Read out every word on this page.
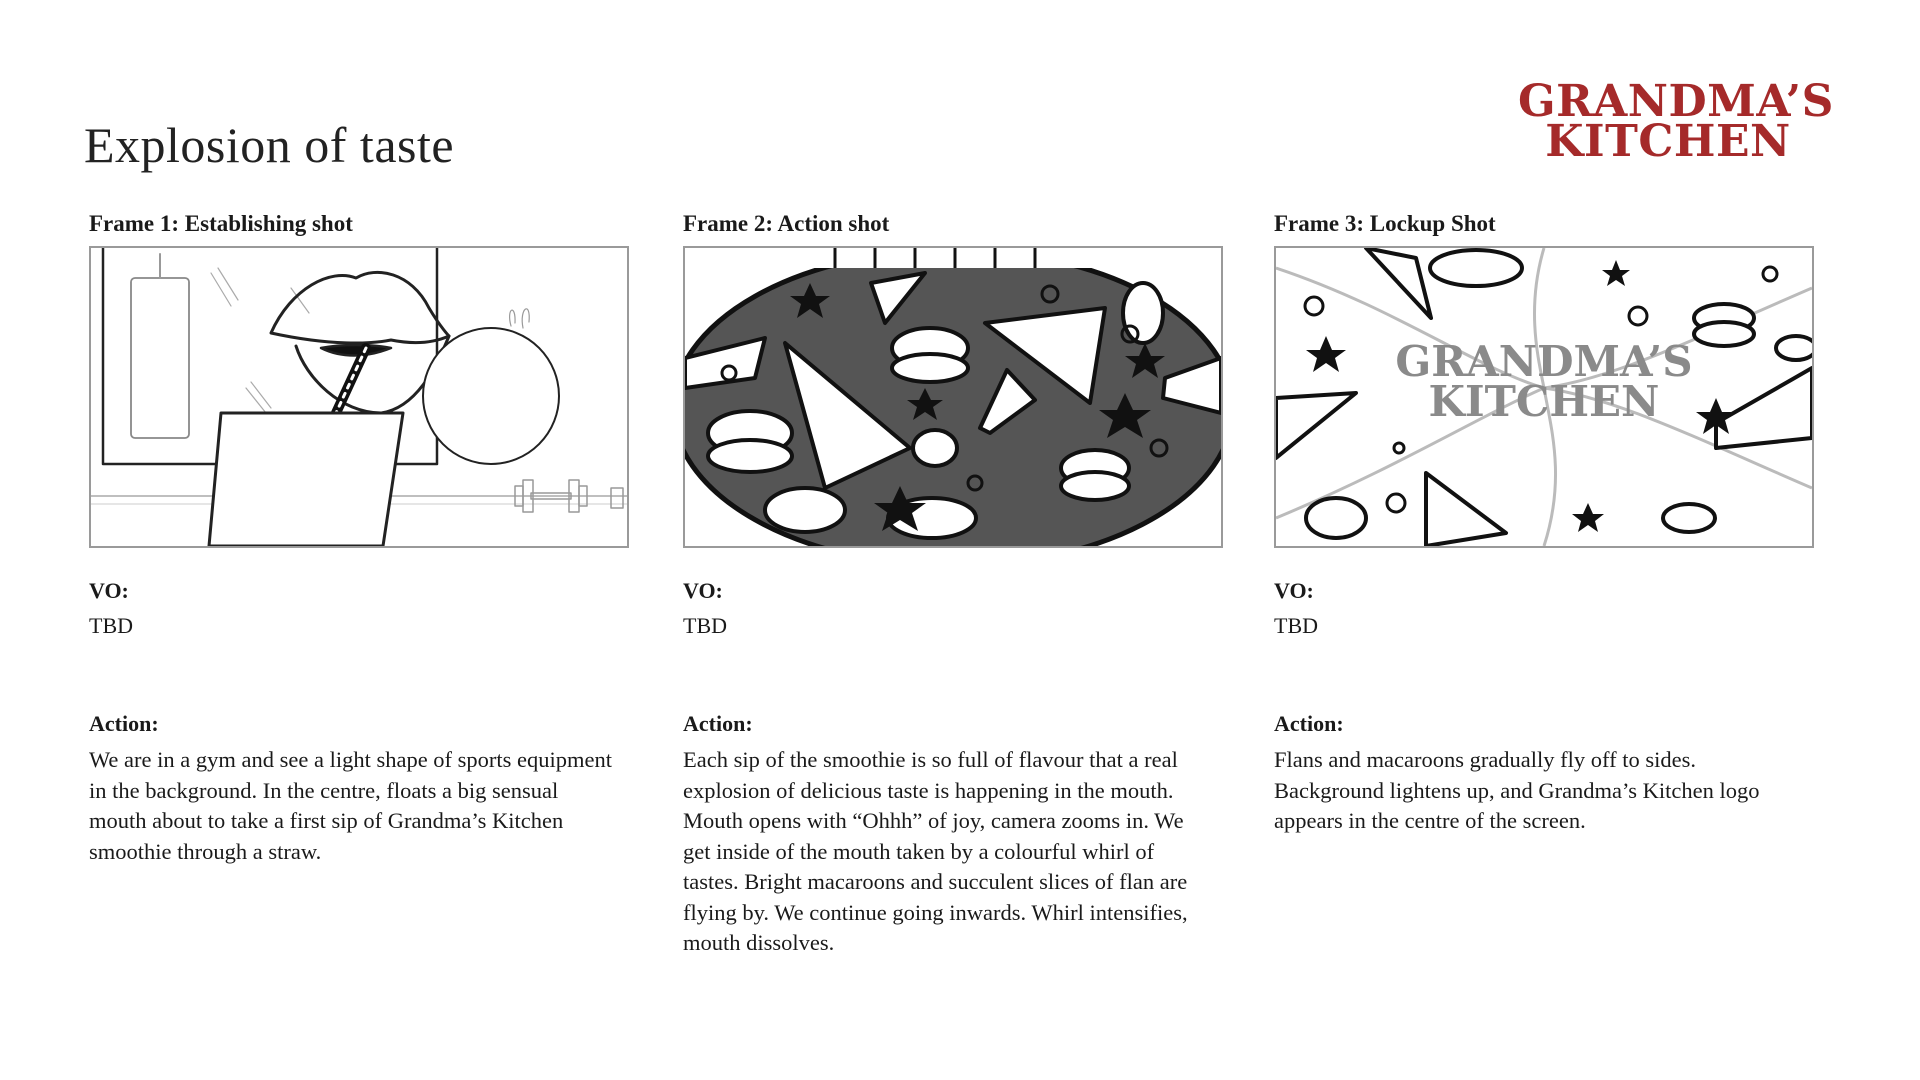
Explosion of taste
GRANDMA’S
KITCHEN
Frame 1: Establishing shot

VO:

TBD

Action:

We are in a gym and see a light shape of sports equipment in the background. In the centre, floats a big sensual mouth about to take a first sip of Grandma’s Kitchen smoothie through a straw.

Frame 2: Action shot

VO:

TBD

Action:

Each sip of the smoothie is so full of flavour that a real explosion of delicious taste is happening in the mouth. Mouth opens with “Ohhh” of joy, camera zooms in. We get inside of the mouth taken by a colourful whirl of tastes. Bright macaroons and succulent slices of flan are flying by. We continue going inwards. Whirl intensifies, mouth dissolves.

Frame 3: Lockup Shot
GRANDMA’S
KITCHEN

VO:

TBD

Action:

Flans and macaroons gradually fly off to sides. Background lightens up, and Grandma’s Kitchen logo appears in the centre of the screen.
